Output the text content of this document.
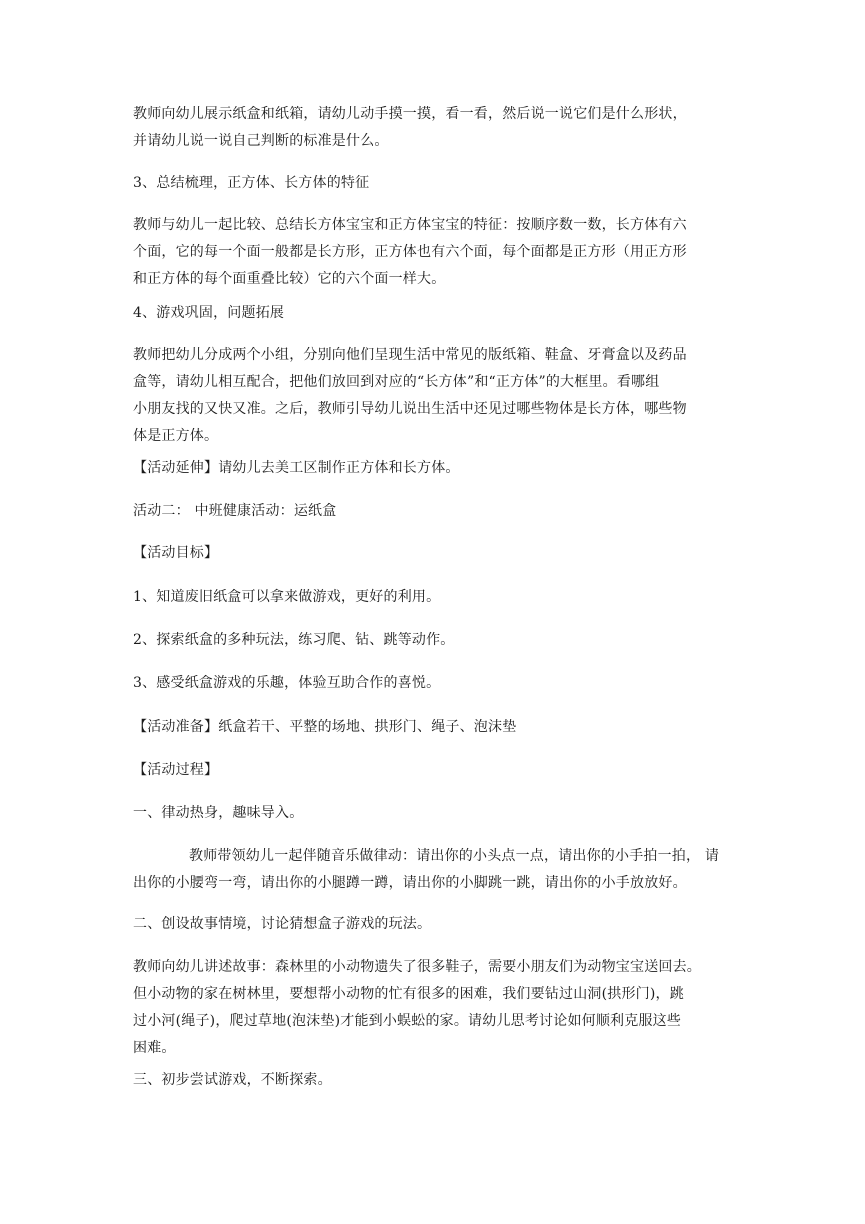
教师向幼儿展示纸盒和纸箱，请幼儿动手摸一摸，看一看，然后说一说它们是什么形状，
并请幼儿说一说自己判断的标准是什么。
3、总结梳理，正方体、长方体的特征
教师与幼儿一起比较、总结长方体宝宝和正方体宝宝的特征：按顺序数一数，长方体有六
个面，它的每一个面一般都是长方形，正方体也有六个面，每个面都是正方形（用正方形
和正方体的每个面重叠比较）它的六个面一样大。
4、游戏巩固，问题拓展
教师把幼儿分成两个小组，分别向他们呈现生活中常见的版纸箱、鞋盒、牙膏盒以及药品
盒等，请幼儿相互配合，把他们放回到对应的“长方体”和“正方体”的大框里。看哪组
小朋友找的又快又准。之后，教师引导幼儿说出生活中还见过哪些物体是长方体，哪些物
体是正方体。
【活动延伸】请幼儿去美工区制作正方体和长方体。
活动二： 中班健康活动：运纸盒
【活动目标】
1、知道废旧纸盒可以拿来做游戏，更好的利用。
2、探索纸盒的多种玩法，练习爬、钻、跳等动作。
3、感受纸盒游戏的乐趣，体验互助合作的喜悦。
【活动准备】纸盒若干、平整的场地、拱形门、绳子、泡沫垫
【活动过程】
一、律动热身，趣味导入。
教师带领幼儿一起伴随音乐做律动：请出你的小头点一点，请出你的小手拍一拍， 请
出你的小腰弯一弯，请出你的小腿蹲一蹲，请出你的小脚跳一跳，请出你的小手放放好。
二、创设故事情境，讨论猜想盒子游戏的玩法。
教师向幼儿讲述故事：森林里的小动物遗失了很多鞋子，需要小朋友们为动物宝宝送回去。
但小动物的家在树林里，要想帮小动物的忙有很多的困难，我们要钻过山洞(拱形门)，跳
过小河(绳子)，爬过草地(泡沫垫)才能到小蜈蚣的家。请幼儿思考讨论如何顺利克服这些
困难。
三、初步尝试游戏，不断探索。
